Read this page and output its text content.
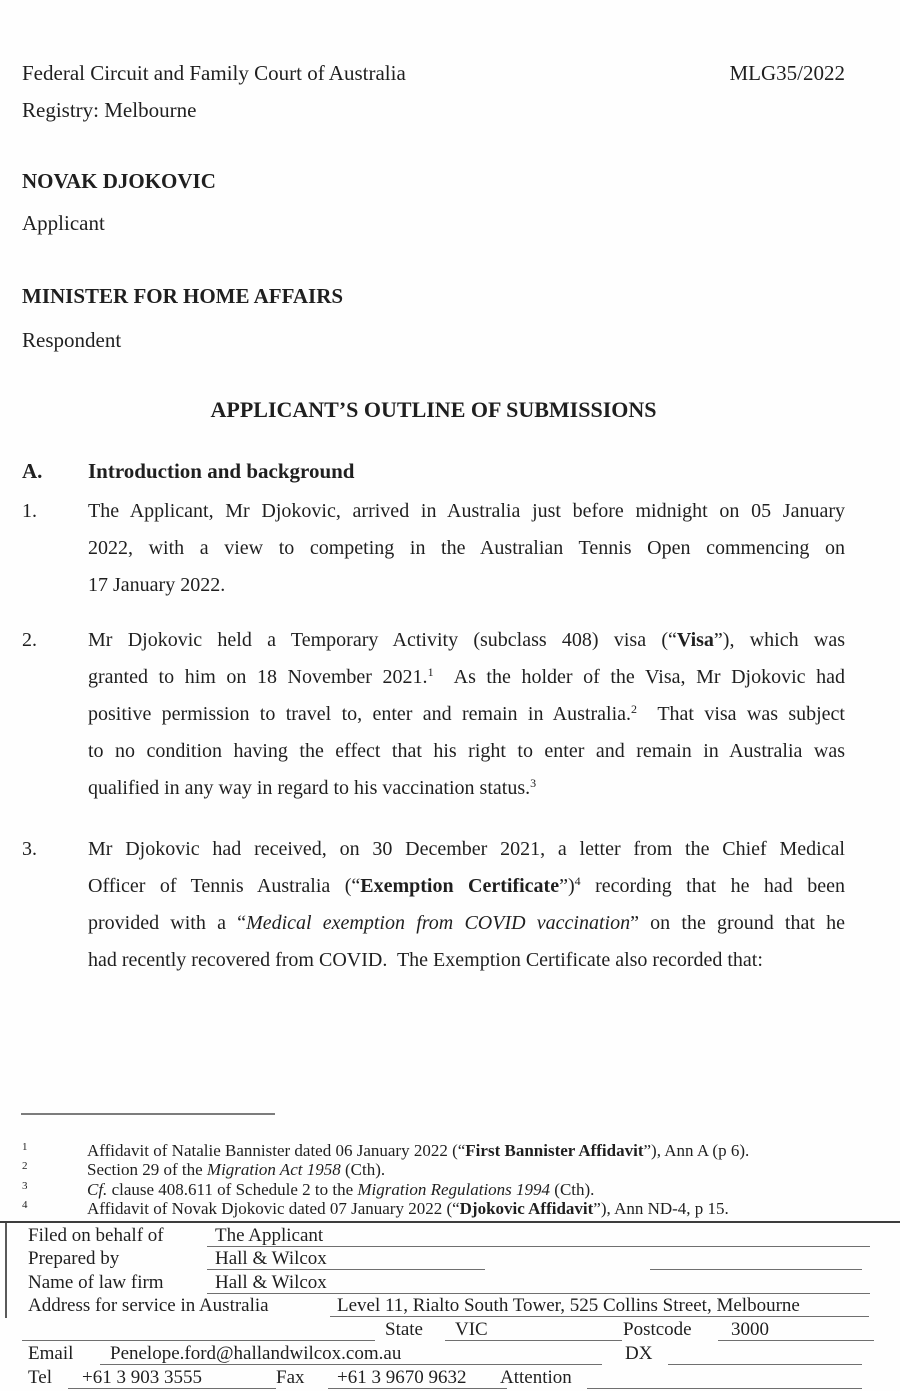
Federal Circuit and Family Court of Australia	MLG35/2022
Registry: Melbourne
NOVAK DJOKOVIC
Applicant
MINISTER FOR HOME AFFAIRS
Respondent
APPLICANT’S OUTLINE OF SUBMISSIONS
A. Introduction and background
1.	The Applicant, Mr Djokovic, arrived in Australia just before midnight on 05 January
2022, with a view to competing in the Australian Tennis Open commencing on
17 January 2022.
2.	Mr Djokovic held a Temporary Activity (subclass 408) visa (“Visa”), which was
granted to him on 18 November 2021.$^1$  As the holder of the Visa, Mr Djokovic had
positive permission to travel to, enter and remain in Australia.$^2$  That visa was subject
to no condition having the effect that his right to enter and remain in Australia was
qualified in any way in regard to his vaccination status.$^3$
3.	Mr Djokovic had received, on 30 December 2021, a letter from the Chief Medical
Officer of Tennis Australia (“Exemption Certificate”)$^4$ recording that he had been
provided with a “Medical exemption from COVID vaccination” on the ground that he
had recently recovered from COVID.  The Exemption Certificate also recorded that:
1	Affidavit of Natalie Bannister dated 06 January 2022 (“First Bannister Affidavit”), Ann A (p 6).
2	Section 29 of the Migration Act 1958 (Cth).
3	Cf. clause 408.611 of Schedule 2 to the Migration Regulations 1994 (Cth).
4	Affidavit of Novak Djokovic dated 07 January 2022 (“Djokovic Affidavit”), Ann ND-4, p 15.
Filed on behalf of	The Applicant
Prepared by	Hall & Wilcox
Name of law firm	Hall & Wilcox
Address for service in Australia	Level 11, Rialto South Tower, 525 Collins Street, Melbourne
State	VIC	Postcode	3000
Email	Penelope.ford@hallandwilcox.com.au	DX
Tel	+61 3 903 3555	Fax	+61 3 9670 9632	Attention
